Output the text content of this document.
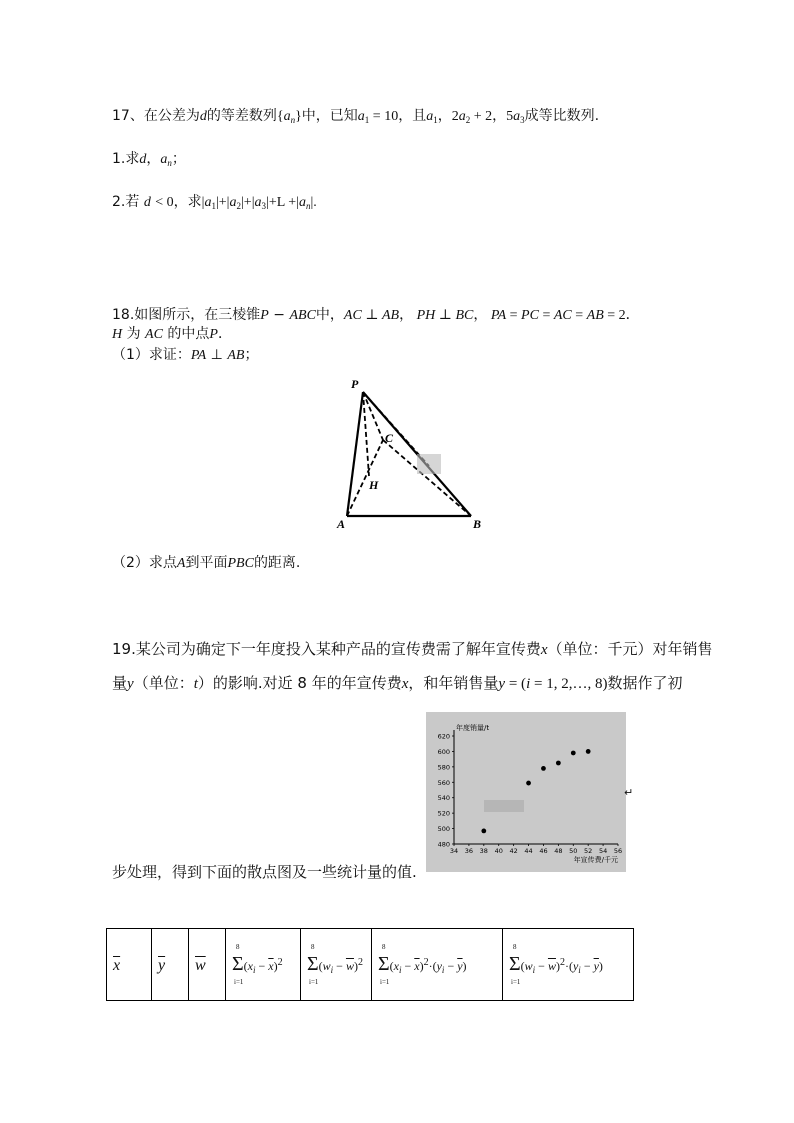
17、在公差为d的等差数列$\{a_n\}$中，已知$a_1 = 10$，且$a_1$，$2a_2 + 2$，$5a_3$成等比数列.
1.求d，$a_n$；
2.若 d < 0，求$|a_1|+|a_2|+|a_3|+L +|a_n|$.
18.如图所示，在三棱锥P − ABC中，AC ⊥ AB， PH ⊥ BC， PA = PC = AC = AB = 2．
H 为 AC 的中点P．
（1）求证：PA ⊥ AB；
P
C
H
A	B
（2）求点A到平面PBC的距离.
19.某公司为确定下一年度投入某种产品的宣传费需了解年宣传费x（单位：千元）对年销售
量y（单位：t）的影响.对近 8 年的年宣传费x，和年销售量y = (i = 1, 2,…, 8)数据作了初
480
500
520
540
560
580
600
620
34 36 38 40 42 44 46 48 50 52 54 56
年度销量/t
年宣传费/千元
↵
步处理，得到下面的散点图及一些统计量的值.
$\overline{x}$	$\overline{y}$	$\overline{w}$	Σ
8
i=1
$(x_i - \overline{x})^2$	Σ
8
i=1
$(w_i - \overline{w})^2$	Σ
8
i=1
$(x_i - \overline{x})^2\cdot(y_i - \overline{y})$	Σ
8
i=1
$(w_i - \overline{w})^2\cdot(y_i - \overline{y})$
